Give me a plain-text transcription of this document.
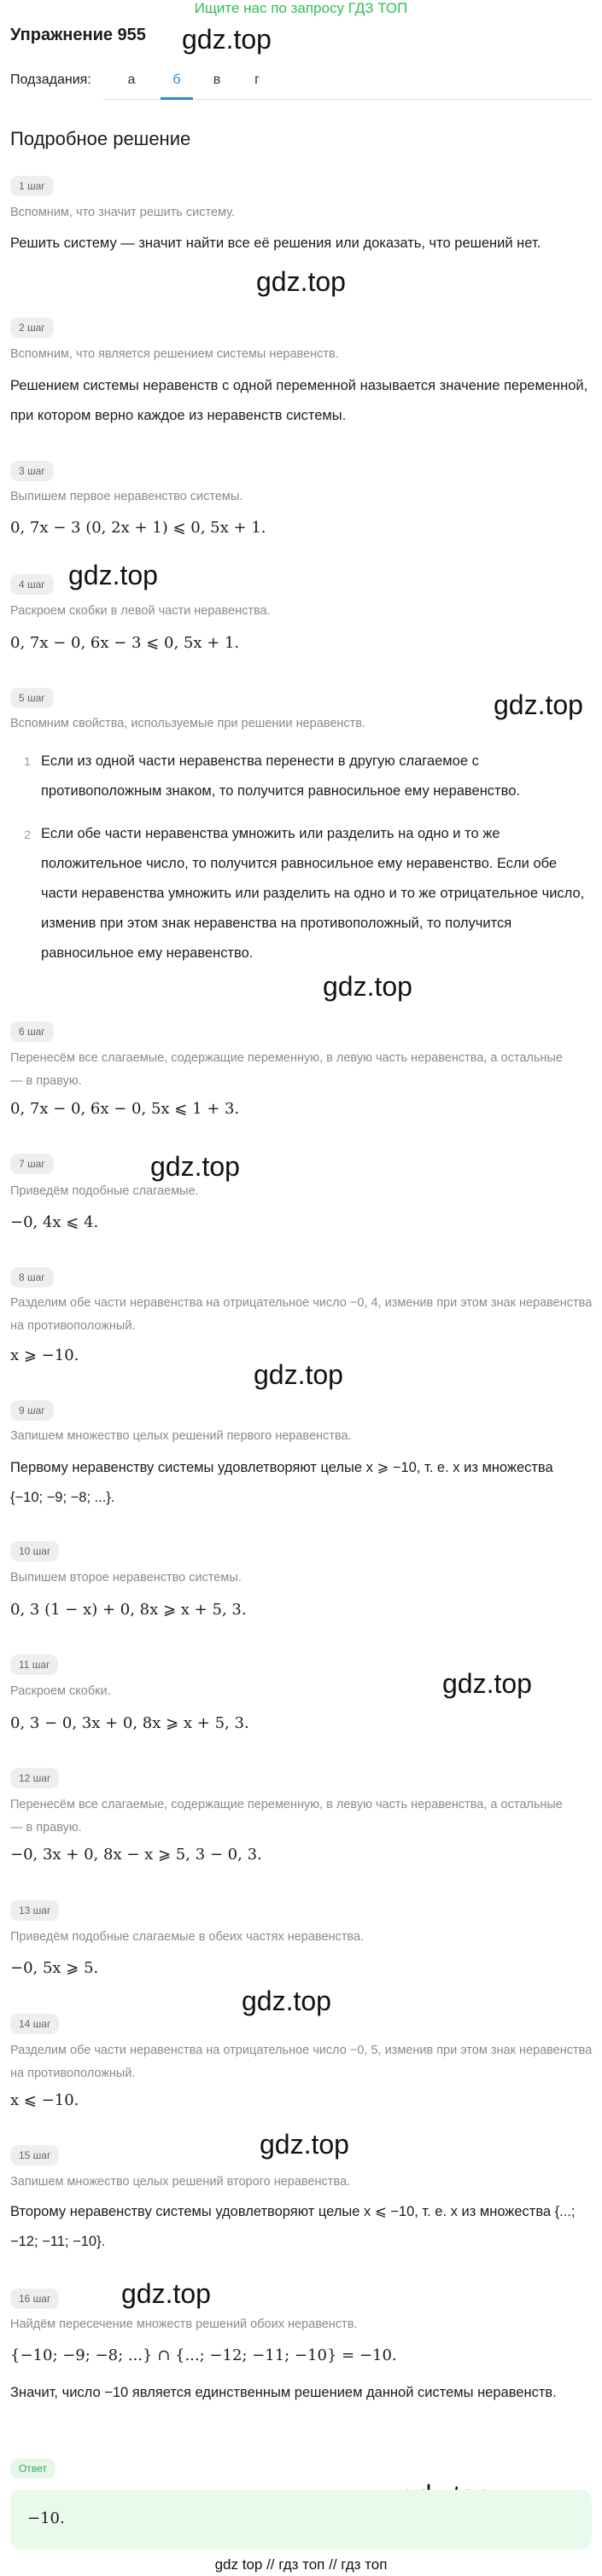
Ищите нас по запросу ГДЗ ТОП
Упражнение 955 gdz.top
gdz.top
gdz.top
gdz.top
gdz.top
gdz.top
gdz.top
gdz.top
gdz.top
gdz.top
gdz.top
Подзадания:	а	б	в	г
Подробное решение
1 шаг
Вспомним, что значит решить систему.
Решить систему — значит найти все её решения или доказать, что решений нет.
2 шаг
Вспомним, что является решением системы неравенств.
Решением системы неравенств с одной переменной называется значение переменной, при котором верно каждое из неравенств системы.
3 шаг
Выпишем первое неравенство системы.
0, 7x − 3 (0, 2x + 1) ⩽ 0, 5x + 1.
4 шаг
Раскроем скобки в левой части неравенства.
0, 7x − 0, 6x − 3 ⩽ 0, 5x + 1.
5 шаг
Вспомним свойства, используемые при решении неравенств.
1 Если из одной части неравенства перенести в другую слагаемое с противоположным знаком, то получится равносильное ему неравенство.
2 Если обе части неравенства умножить или разделить на одно и то же положительное число, то получится равносильное ему неравенство. Если обе части неравенства умножить или разделить на одно и то же отрицательное число, изменив при этом знак неравенства на противоположный, то получится равносильное ему неравенство.
6 шаг
Перенесём все слагаемые, содержащие переменную, в левую часть неравенства, а остальные — в правую.
0, 7x − 0, 6x − 0, 5x ⩽ 1 + 3.
7 шаг
Приведём подобные слагаемые.
−0, 4x ⩽ 4.
8 шаг
Разделим обе части неравенства на отрицательное число −0, 4, изменив при этом знак неравенства на противоположный.
x ⩾ −10.
9 шаг
Запишем множество целых решений первого неравенства.
Первому неравенству системы удовлетворяют целые x ⩾ −10, т. е. x из множества {−10; −9; −8; ...}.
10 шаг
Выпишем второе неравенство системы.
0, 3 (1 − x) + 0, 8x ⩾ x + 5, 3.
11 шаг
Раскроем скобки.
0, 3 − 0, 3x + 0, 8x ⩾ x + 5, 3.
12 шаг
Перенесём все слагаемые, содержащие переменную, в левую часть неравенства, а остальные — в правую.
−0, 3x + 0, 8x − x ⩾ 5, 3 − 0, 3.
13 шаг
Приведём подобные слагаемые в обеих частях неравенства.
−0, 5x ⩾ 5.
14 шаг
Разделим обе части неравенства на отрицательное число −0, 5, изменив при этом знак неравенства на противоположный.
x ⩽ −10.
15 шаг
Запишем множество целых решений второго неравенства.
Второму неравенству системы удовлетворяют целые x ⩽ −10, т. е. x из множества {...; −12; −11; −10}.
16 шаг
Найдём пересечение множеств решений обоих неравенств.
{−10; −9; −8; ...} ∩ {...; −12; −11; −10} = −10.
Значит, число −10 является единственным решением данной системы неравенств.
Ответ
−10.
gdz top // гдз топ // гдз топ
